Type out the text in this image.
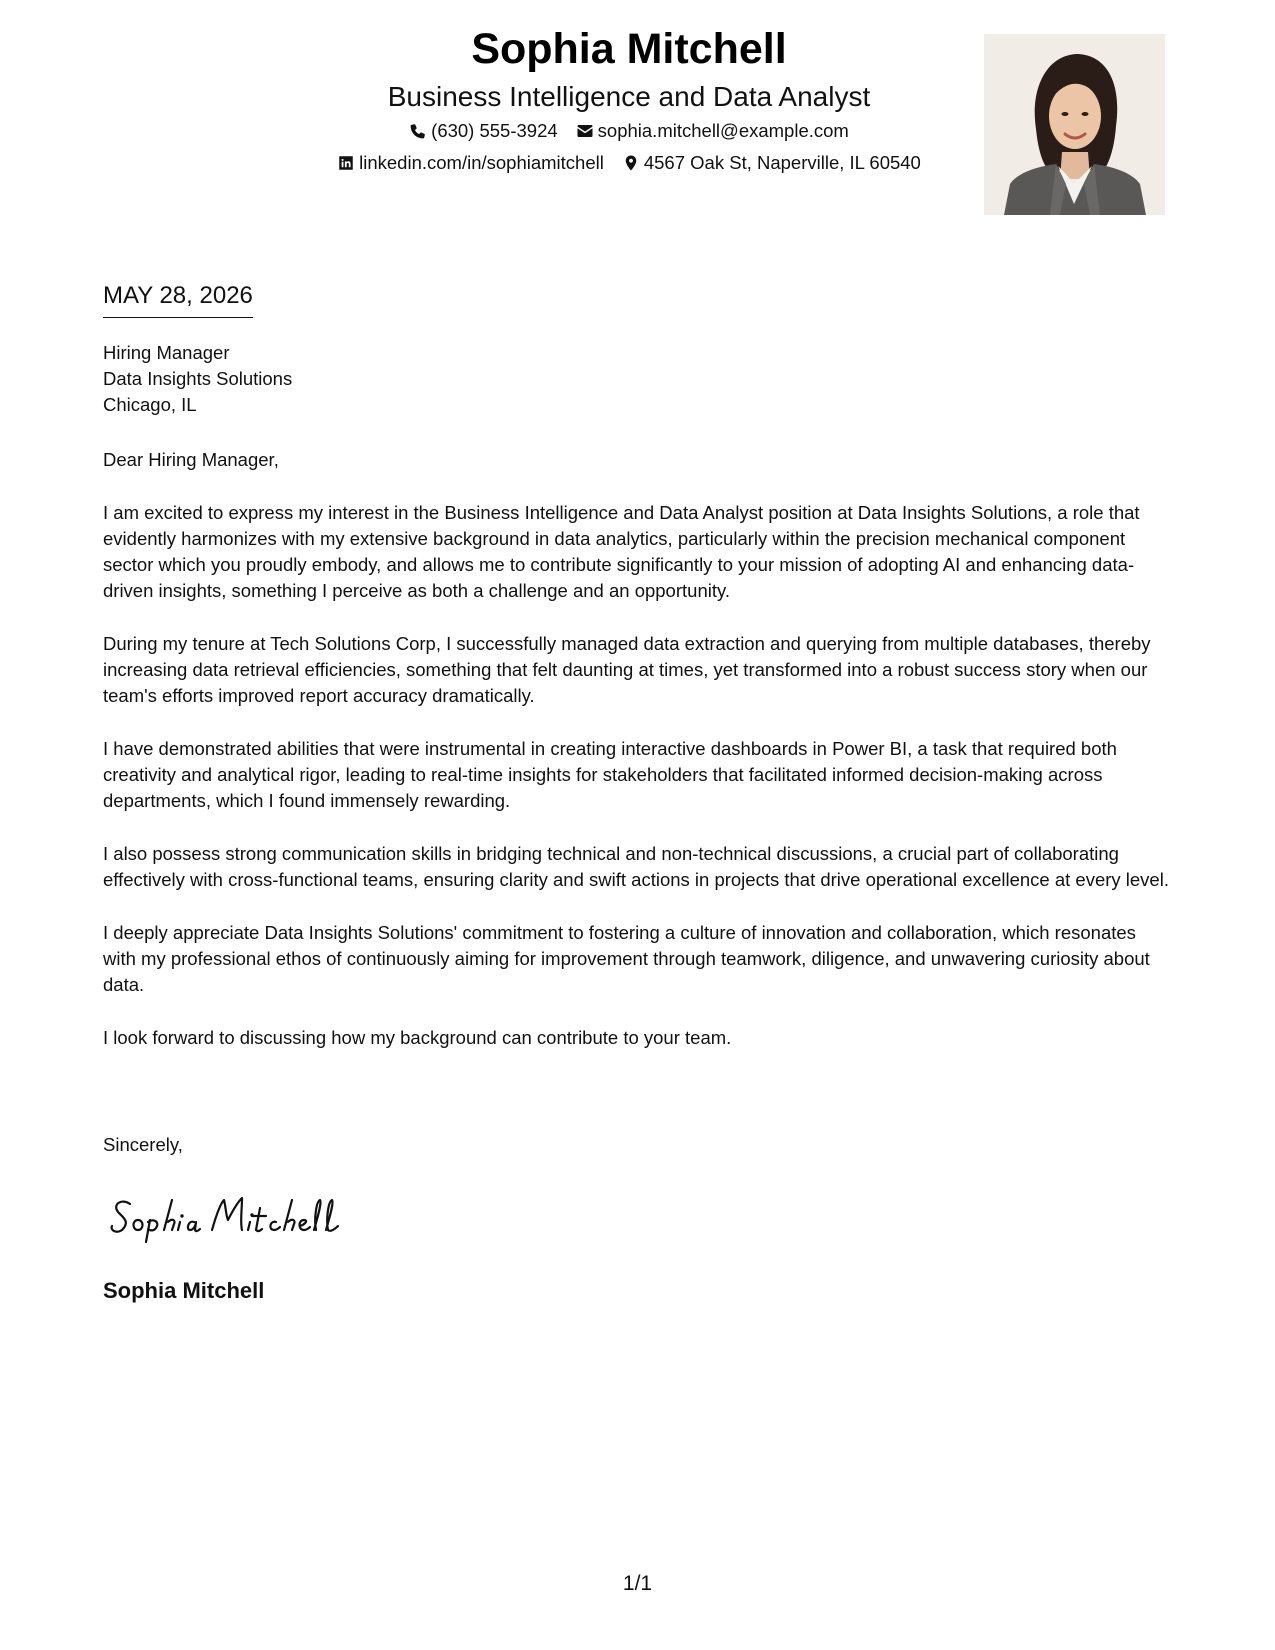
Sophia Mitchell
Business Intelligence and Data Analyst
(630) 555-3924 sophia.mitchell@example.com
linkedin.com/in/sophiamitchell 4567 Oak St, Naperville, IL 60540
MAY 28, 2026
Hiring Manager
Data Insights Solutions
Chicago, IL

Dear Hiring Manager,

I am excited to express my interest in the Business Intelligence and Data Analyst position at Data Insights Solutions, a role that evidently harmonizes with my extensive background in data analytics, particularly within the precision mechanical component sector which you proudly embody, and allows me to contribute significantly to your mission of adopting AI and enhancing data-driven insights, something I perceive as both a challenge and an opportunity.

During my tenure at Tech Solutions Corp, I successfully managed data extraction and querying from multiple databases, thereby increasing data retrieval efficiencies, something that felt daunting at times, yet transformed into a robust success story when our team's efforts improved report accuracy dramatically.

I have demonstrated abilities that were instrumental in creating interactive dashboards in Power BI, a task that required both creativity and analytical rigor, leading to real-time insights for stakeholders that facilitated informed decision-making across departments, which I found immensely rewarding.

I also possess strong communication skills in bridging technical and non-technical discussions, a crucial part of collaborating effectively with cross-functional teams, ensuring clarity and swift actions in projects that drive operational excellence at every level.

I deeply appreciate Data Insights Solutions' commitment to fostering a culture of innovation and collaboration, which resonates with my professional ethos of continuously aiming for improvement through teamwork, diligence, and unwavering curiosity about data.

I look forward to discussing how my background can contribute to your team.

Sincerely,
Sophia Mitchell
1/1
